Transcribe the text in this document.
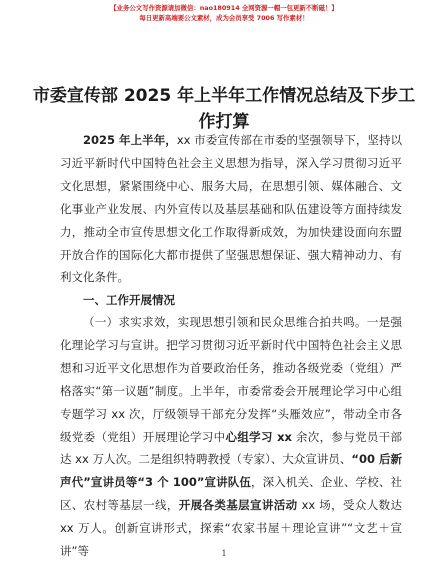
【业务公文写作资源请加微信：nao180914 全网资源一帽一包更新不断磁！】
每日更新高端要公文素材，成为会员享受 7006 写作素材！
市委宣传部 2025 年上半年工作情况总结及下步工作打算

2025 年上半年，xx 市委宣传部在市委的坚强领导下，坚持以习近平新时代中国特色社会主义思想为指导，深入学习贯彻习近平文化思想，紧紧围绕中心、服务大局，在思想引领、媒体融合、文化事业产业发展、内外宣传以及基层基础和队伍建设等方面持续发力，推动全市宣传思想文化工作取得新成效，为加快建设面向东盟开放合作的国际化大都市提供了坚强思想保证、强大精神动力、有利文化条件。

一、工作开展情况

（一）求实求效，实现思想引领和民众思维合拍共鸣。一是强化理论学习与宣讲。把学习贯彻习近平新时代中国特色社会主义思想和习近平文化思想作为首要政治任务，推动各级党委（党组）严格落实“第一议题”制度。上半年，市委常委会开展理论学习中心组专题学习 xx 次，厅级领导干部充分发挥“头雁效应”，带动全市各级党委（党组）开展理论学习中心组学习 xx 余次，参与党员干部达 xx 万人次。二是组织特聘教授（专家）、大众宣讲员、“00 后新声代”宣讲员等“3 个 100”宣讲队伍，深入机关、企业、学校、社区、农村等基层一线，开展各类基层宣讲活动 xx 场，受众人数达 xx 万人。创新宣讲形式，探索“农家书屋＋理论宣讲”“文艺＋宣讲”等	1
